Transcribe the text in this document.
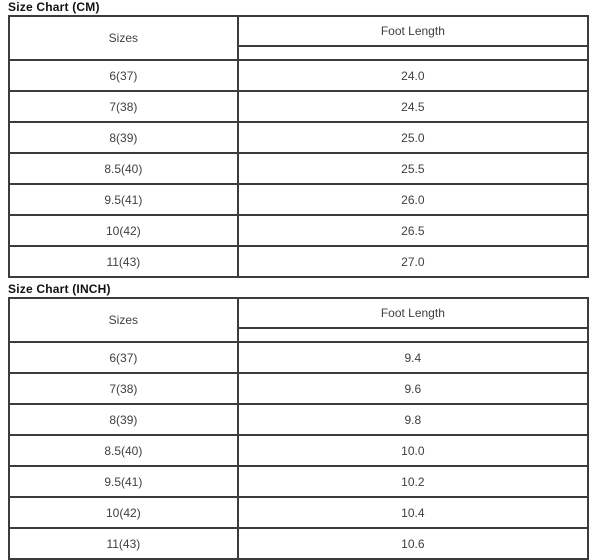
Size Chart (CM)
Sizes	Foot Length

6(37)	24.0
7(38)	24.5
8(39)	25.0
8.5(40)	25.5
9.5(41)	26.0
10(42)	26.5
11(43)	27.0
Size Chart (INCH)
Sizes	Foot Length

6(37)	9.4
7(38)	9.6
8(39)	9.8
8.5(40)	10.0
9.5(41)	10.2
10(42)	10.4
11(43)	10.6
